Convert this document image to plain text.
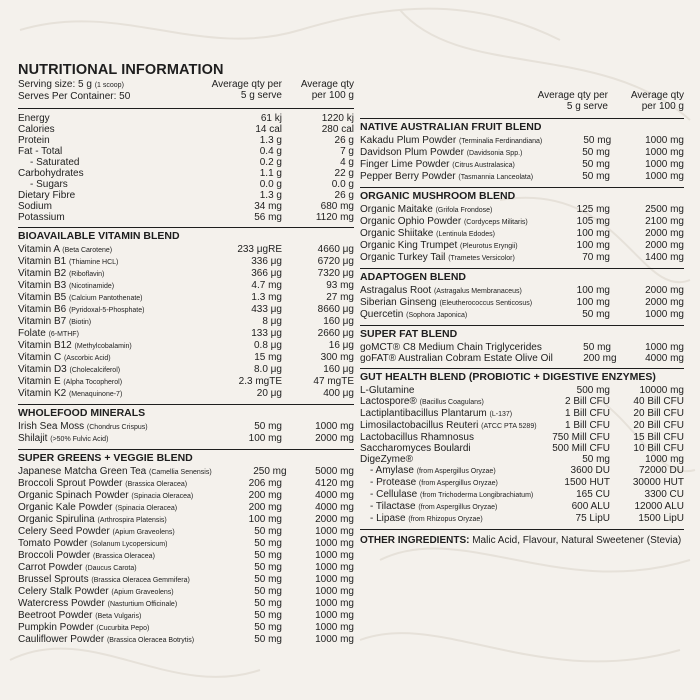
NUTRITIONAL INFORMATION
Serving size: 5 g (1 scoop)
Serves Per Container: 50
Average qty per
5 g serve
Average qty
per 100 g
Energy	61 kj	1220 kj
Calories	14 cal	280 cal
Protein	1.3 g	26 g
Fat - Total	0.4 g	7 g
- Saturated	0.2 g	4 g
Carbohydrates	1.1 g	22 g
- Sugars	0.0 g	0.0 g
Dietary Fibre	1.3 g	26 g
Sodium	34 mg	680 mg
Potassium	56 mg	1120 mg
BIOAVAILABLE VITAMIN BLEND
Vitamin A (Beta Carotene)	233 μgRE	4660 μg
Vitamin B1 (Thiamine HCL)	336 μg	6720 μg
Vitamin B2 (Riboflavin)	366 μg	7320 μg
Vitamin B3 (Nicotinamide)	4.7 mg	93 mg
Vitamin B5 (Calcium Pantothenate)	1.3 mg	27 mg
Vitamin B6 (Pyridoxal-5-Phosphate)	433 μg	8660 μg
Vitamin B7 (Biotin)	8 μg	160 μg
Folate (6-MTHF)	133 μg	2660 μg
Vitamin B12 (Methylcobalamin)	0.8 μg	16 μg
Vitamin C (Ascorbic Acid)	15 mg	300 mg
Vitamin D3 (Cholecalciferol)	8.0 μg	160 μg
Vitamin E (Alpha Tocopherol)	2.3 mgTE	47 mgTE
Vitamin K2 (Menaquinone-7)	20 μg	400 μg
WHOLEFOOD MINERALS
Irish Sea Moss (Chondrus Crispus)	50 mg	1000 mg
Shilajit (>50% Fulvic Acid)	100 mg	2000 mg
SUPER GREENS + VEGGIE BLEND
Japanese Matcha Green Tea (Camellia Senensis)	250 mg	5000 mg
Broccoli Sprout Powder (Brassica Oleracea)	206 mg	4120 mg
Organic Spinach Powder (Spinacia Oleracea)	200 mg	4000 mg
Organic Kale Powder (Spinacia Oleracea)	200 mg	4000 mg
Organic Spirulina (Arthrospira Platensis)	100 mg	2000 mg
Celery Seed Powder (Apium Graveolens)	50 mg	1000 mg
Tomato Powder (Solanum Lycopersicum)	50 mg	1000 mg
Broccoli Powder (Brassica Oleracea)	50 mg	1000 mg
Carrot Powder (Daucus Carota)	50 mg	1000 mg
Brussel Sprouts (Brassica Oleracea Gemmifera)	50 mg	1000 mg
Celery Stalk Powder (Apium Graveolens)	50 mg	1000 mg
Watercress Powder (Nasturtium Officinale)	50 mg	1000 mg
Beetroot Powder (Beta Vulgaris)	50 mg	1000 mg
Pumpkin Powder (Cucurbita Pepo)	50 mg	1000 mg
Cauliflower Powder (Brassica Oleracea Botrytis)	50 mg	1000 mg
Average qty per
5 g serve
Average qty
per 100 g
NATIVE AUSTRALIAN FRUIT BLEND
Kakadu Plum Powder (Terminalia Ferdinandiana)	50 mg	1000 mg
Davidson Plum Powder (Davidsonia Spp.)	50 mg	1000 mg
Finger Lime Powder (Citrus Australasica)	50 mg	1000 mg
Pepper Berry Powder (Tasmannia Lanceolata)	50 mg	1000 mg
ORGANIC MUSHROOM BLEND
Organic Maitake (Grifola Frondose)	125 mg	2500 mg
Organic Ophio Powder (Cordyceps Militaris)	105 mg	2100 mg
Organic Shiitake (Lentinula Edodes)	100 mg	2000 mg
Organic King Trumpet (Pleurotus Eryngii)	100 mg	2000 mg
Organic Turkey Tail (Trametes Versicolor)	70 mg	1400 mg
ADAPTOGEN BLEND
Astragalus Root (Astragalus Membranaceus)	100 mg	2000 mg
Siberian Ginseng (Eleutherococcus Senticosus)	100 mg	2000 mg
Quercetin (Sophora Japonica)	50 mg	1000 mg
SUPER FAT BLEND
goMCT® C8 Medium Chain Triglycerides	50 mg	1000 mg
goFAT® Australian Cobram Estate Olive Oil	200 mg	4000 mg
GUT HEALTH BLEND (PROBIOTIC + DIGESTIVE ENZYMES)
L-Glutamine	500 mg	10000 mg
Lactospore® (Bacillus Coagulans)	2 Bill CFU	40 Bill CFU
Lactiplantibacillus Plantarum (L-137)	1 Bill CFU	20 Bill CFU
Limosilactobacillus Reuteri (ATCC PTA 5289)	1 Bill CFU	20 Bill CFU
Lactobacillus Rhamnosus	750 Mill CFU	15 Bill CFU
Saccharomyces Boulardi	500 Mill CFU	10 Bill CFU
DigeZyme®	50 mg	1000 mg
- Amylase (from Aspergillus Oryzae)	3600 DU	72000 DU
- Protease (from Aspergillus Oryzae)	1500 HUT	30000 HUT
- Cellulase (from Trichoderma Longibrachiatum)	165 CU	3300 CU
- Tilactase (from Aspergillus Oryzae)	600 ALU	12000 ALU
- Lipase (from Rhizopus Oryzae)	75 LipU	1500 LipU
OTHER INGREDIENTS: Malic Acid, Flavour, Natural Sweetener (Stevia)
